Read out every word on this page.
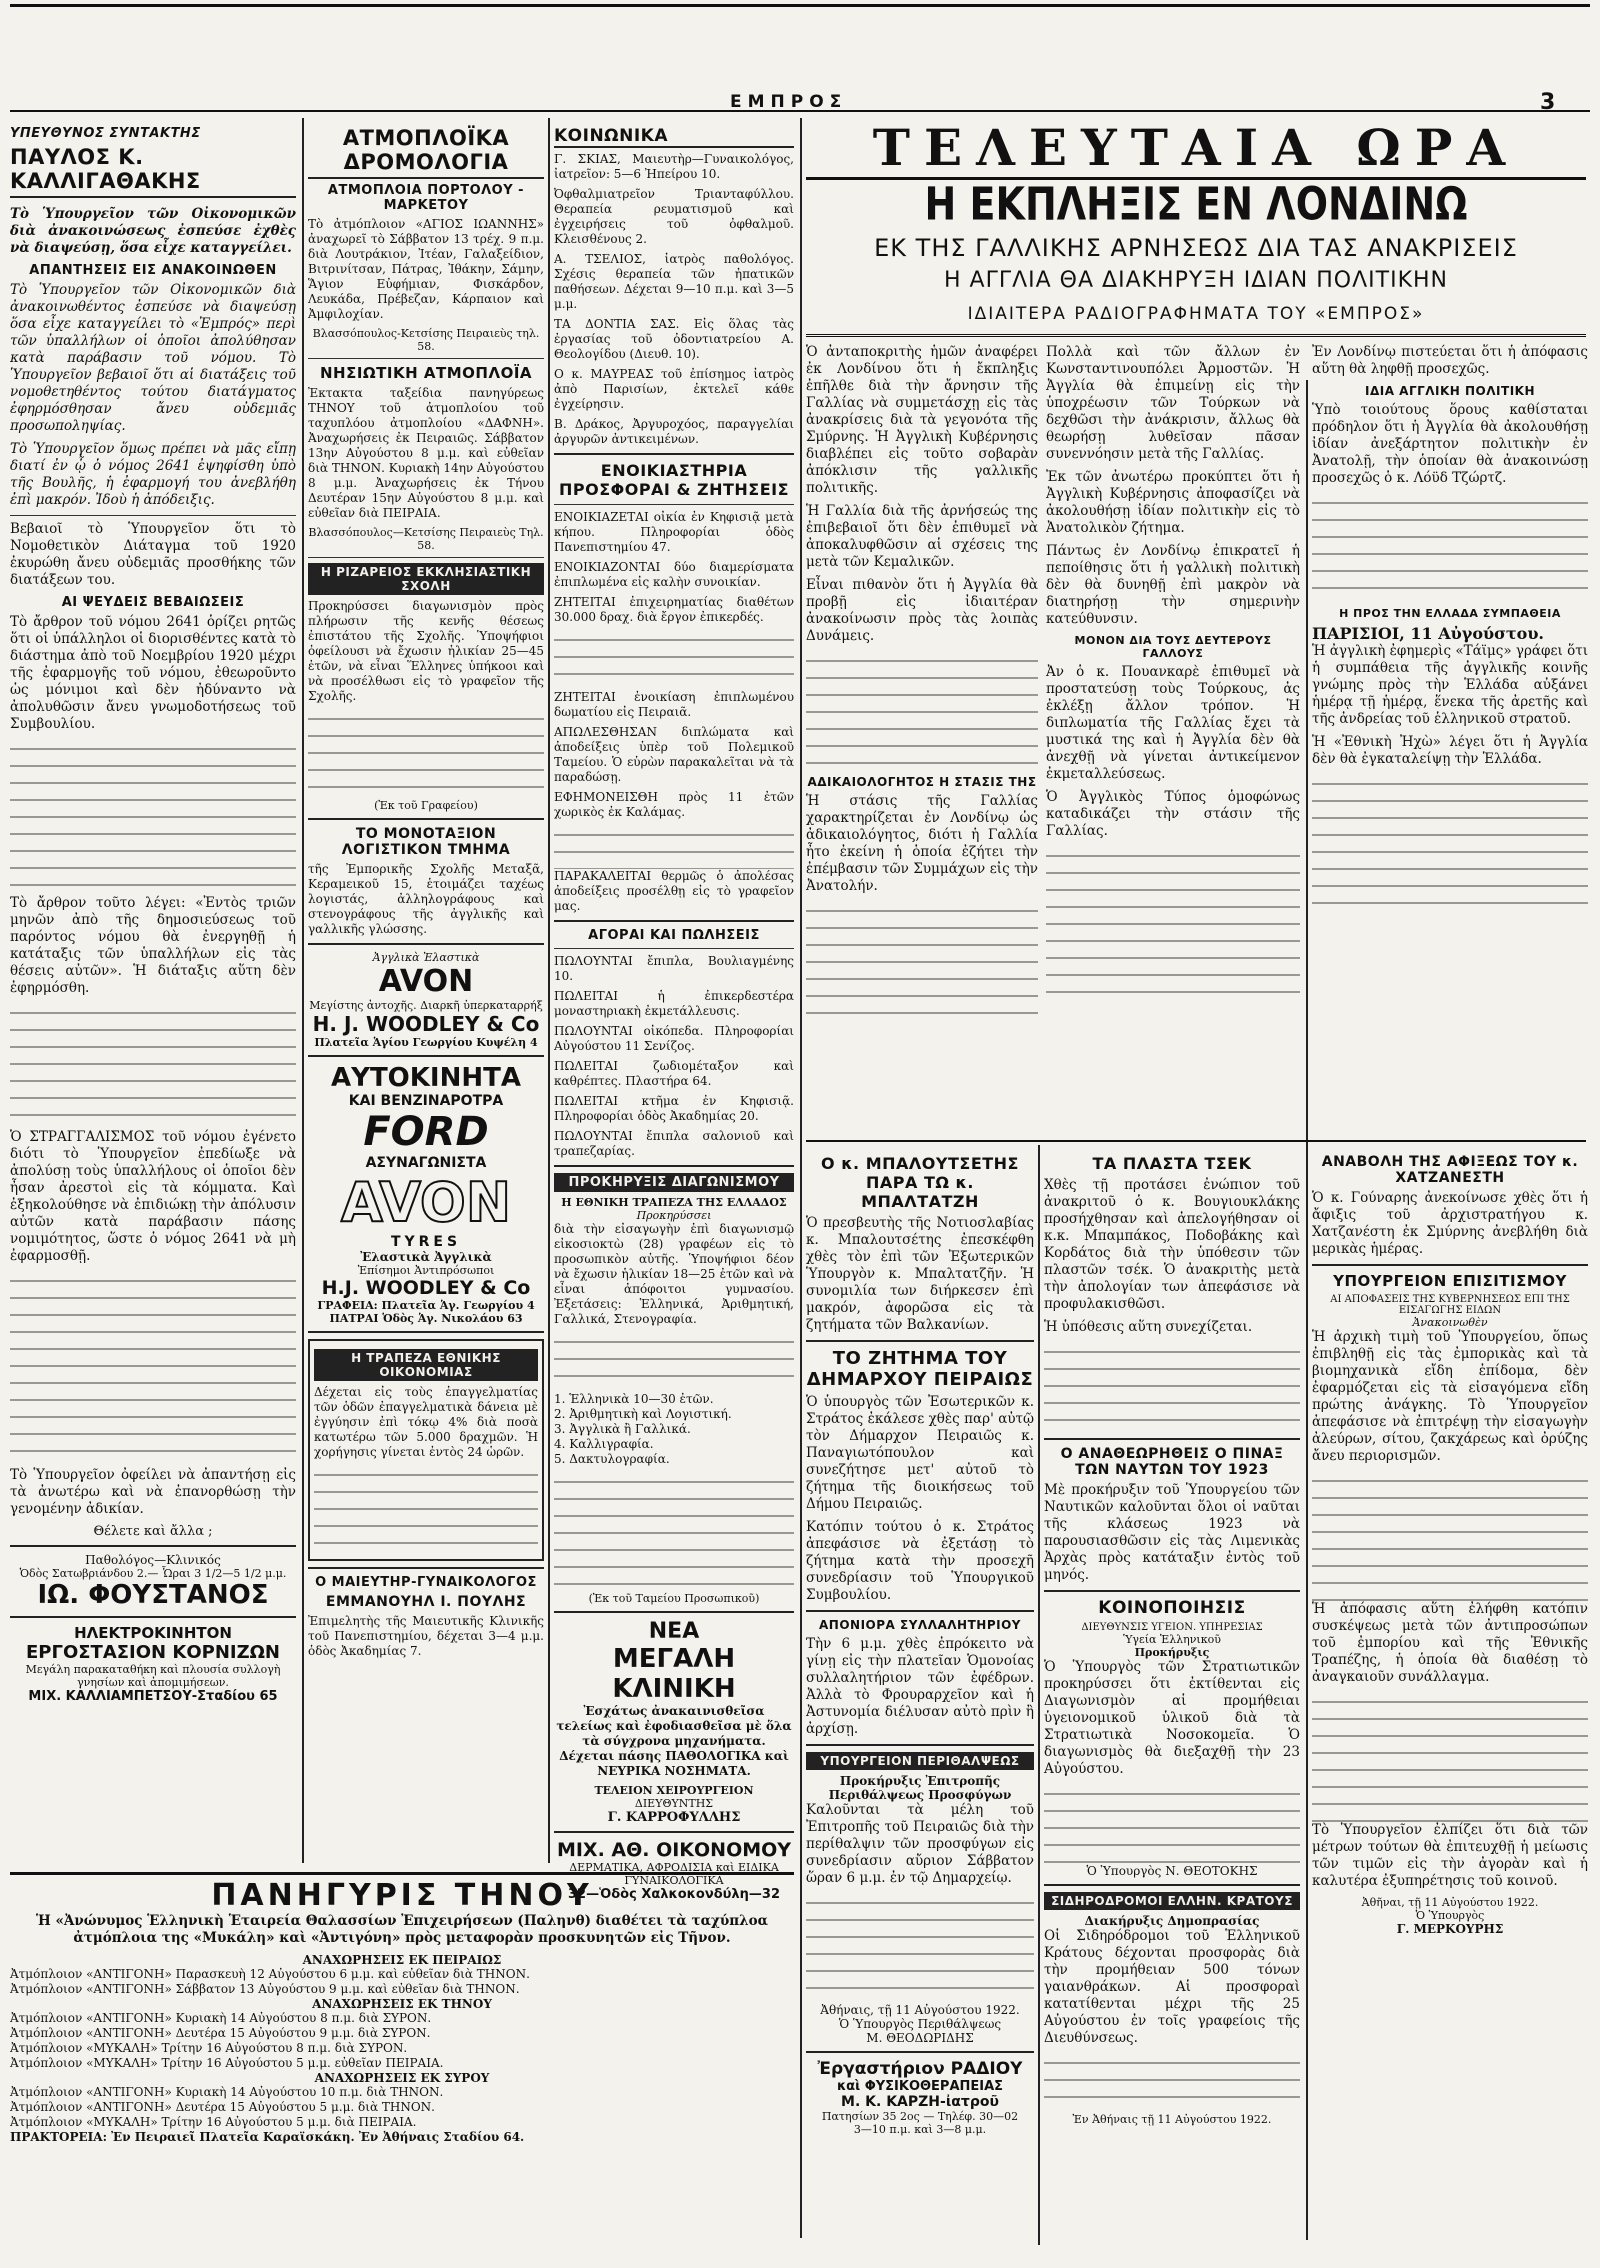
ΕΜΠΡΟΣ	3
ΥΠΕΥΘΥΝΟΣ ΣΥΝΤΑΚΤΗΣ
ΠΑΥΛΟΣ Κ. ΚΑΛΛΙΓΑΘΑΚΗΣ

Τὸ Ὑπουργεῖον τῶν Οἰκονομικῶν διὰ ἀνακοινώσεως ἐσπεύσε ἐχθὲς νὰ διαψεύσῃ, ὅσα εἶχε καταγγείλει.

ΑΠΑΝΤΗΣΕΙΣ ΕΙΣ ΑΝΑΚΟΙΝΩΘΕΝ

Τὸ Ὑπουργεῖον τῶν Οἰκονομικῶν διὰ ἀνακοινωθέντος ἐσπεύσε νὰ διαψεύσῃ ὅσα εἶχε καταγγείλει τὸ «Ἐμπρός» περὶ τῶν ὑπαλλήλων οἱ ὁποῖοι ἀπολύθησαν κατὰ παράβασιν τοῦ νόμου. Τὸ Ὑπουργεῖον βεβαιοῖ ὅτι αἱ διατάξεις τοῦ νομοθετηθέντος τούτου διατάγματος ἐφηρμόσθησαν ἄνευ οὐδεμιᾶς προσωποληψίας.

Τὸ Ὑπουργεῖον ὅμως πρέπει νὰ μᾶς εἴπῃ διατί ἐν ᾧ ὁ νόμος 2641 ἐψηφίσθη ὑπὸ τῆς Βουλῆς, ἡ ἐφαρμογή του ἀνεβλήθη ἐπὶ μακρόν. Ἰδοὺ ἡ ἀπόδειξις.

Βεβαιοῖ τὸ Ὑπουργεῖον ὅτι τὸ Νομοθετικὸν Διάταγμα τοῦ 1920 ἐκυρώθη ἄνευ οὐδεμιᾶς προσθήκης τῶν διατάξεων του.

ΑΙ ΨΕΥΔΕΙΣ ΒΕΒΑΙΩΣΕΙΣ

Τὸ ἄρθρον τοῦ νόμου 2641 ὁρίζει ρητῶς ὅτι οἱ ὑπάλληλοι οἱ διορισθέντες κατὰ τὸ διάστημα ἀπὸ τοῦ Νοεμβρίου 1920 μέχρι τῆς ἐφαρμογῆς τοῦ νόμου, ἐθεωροῦντο ὡς μόνιμοι καὶ δὲν ἠδύναντο νὰ ἀπολυθῶσιν ἄνευ γνωμοδοτήσεως τοῦ Συμβουλίου.

Τὸ ἄρθρον τοῦτο λέγει: «Ἐντὸς τριῶν μηνῶν ἀπὸ τῆς δημοσιεύσεως τοῦ παρόντος νόμου θὰ ἐνεργηθῇ ἡ κατάταξις τῶν ὑπαλλήλων εἰς τὰς θέσεις αὐτῶν». Ἡ διάταξις αὕτη δὲν ἐφηρμόσθη.

Ὁ ΣΤΡΑΓΓΑΛΙΣΜΟΣ τοῦ νόμου ἐγένετο διότι τὸ Ὑπουργεῖον ἐπεδίωξε νὰ ἀπολύσῃ τοὺς ὑπαλλήλους οἱ ὁποῖοι δὲν ἦσαν ἀρεστοὶ εἰς τὰ κόμματα. Καὶ ἐξηκολούθησε νὰ ἐπιδιώκῃ τὴν ἀπόλυσιν αὐτῶν κατὰ παράβασιν πάσης νομιμότητος, ὥστε ὁ νόμος 2641 νὰ μὴ ἐφαρμοσθῇ.

Τὸ Ὑπουργεῖον ὀφείλει νὰ ἀπαντήσῃ εἰς τὰ ἀνωτέρω καὶ νὰ ἐπανορθώσῃ τὴν γενομένην ἀδικίαν.

Θέλετε καὶ ἄλλα ;
Παθολόγος—Κλινικός
Ὁδὸς Σατωβριάνδου 2.— Ὧραι 3 1/2—5 1/2 μ.μ.
ΙΩ. ΦΟΥΣΤΑΝΟΣ
ΗΛΕΚΤΡΟΚΙΝΗΤΟΝ
ΕΡΓΟΣΤΑΣΙΟΝ ΚΟΡΝΙΖΩΝ
Μεγάλη παρακαταθήκη καὶ πλουσία συλλογὴ γνησίων καὶ ἀπομιμήσεων.
ΜΙΧ. ΚΑΛΛΙΑΜΠΕΤΣΟΥ-Σταδίου 65
ΑΤΜΟΠΛΟΪΚΑ ΔΡΟΜΟΛΟΓΙΑ
ΑΤΜΟΠΛΟΙΑ ΠΟΡΤΟΛΟΥ - ΜΑΡΚΕΤΟΥ

Τὸ ἀτμόπλοιον «ΑΓΙΟΣ ΙΩΑΝΝΗΣ» ἀναχωρεῖ τὸ Σάββατον 13 τρέχ. 9 π.μ. διὰ Λουτράκιον, Ἰτέαν, Γαλαξείδιον, Βιτρινίτσαν, Πάτρας, Ἰθάκην, Σάμην, Ἅγιον Εὐφήμιαν, Φισκάρδον, Λευκάδα, Πρέβεζαν, Κάρπαιον καὶ Ἀμφιλοχίαν.

Βλασσόπουλος-Κετσίσης Πειραιεὺς τηλ. 58.
ΝΗΣΙΩΤΙΚΗ ΑΤΜΟΠΛΟΪΑ

Ἐκτακτα ταξείδια πανηγύρεως ΤΗΝΟΥ τοῦ ἀτμοπλοίου τοῦ ταχυπλόου ἀτμοπλοίου «ΔΑΦΝΗ». Ἀναχωρήσεις ἐκ Πειραιῶς. Σάββατον 13ην Αὐγούστου 8 μ.μ. καὶ εὐθεῖαν διὰ ΤΗΝΟΝ. Κυριακὴ 14ην Αὐγούστου 8 μ.μ. Ἀναχωρήσεις ἐκ Τήνου Δευτέραν 15ην Αὐγούστου 8 μ.μ. καὶ εὐθεῖαν διὰ ΠΕΙΡΑΙΑ.

Βλασσόπουλος—Κετσίσης Πειραιεὺς Τηλ. 58.
Η ΡΙΖΑΡΕΙΟΣ ΕΚΚΛΗΣΙΑΣΤΙΚΗ ΣΧΟΛΗ

Προκηρύσσει διαγωνισμὸν πρὸς πλήρωσιν τῆς κενῆς θέσεως ἐπιστάτου τῆς Σχολῆς. Ὑποψήφιοι ὀφείλουσι νὰ ἔχωσιν ἡλικίαν 25—45 ἐτῶν, νὰ εἶναι Ἕλληνες ὑπήκοοι καὶ νὰ προσέλθωσι εἰς τὸ γραφεῖον τῆς Σχολῆς.

(Ἐκ τοῦ Γραφείου)
ΤΟ ΜΟΝΟΤΑΞΙΟΝ ΛΟΓΙΣΤΙΚΟΝ ΤΜΗΜΑ

τῆς Ἐμπορικῆς Σχολῆς Μεταξᾶ, Κεραμεικοῦ 15, ἑτοιμάζει ταχέως λογιστάς, ἀλληλογράφους καὶ στενογράφους τῆς ἀγγλικῆς καὶ γαλλικῆς γλώσσης.

Ἀγγλικὰ Ἐλαστικὰ
AVON
Μεγίστης ἀντοχῆς. Διαρκῆ ὑπερκαταρρήξ
H. J. WOODLEY & Co
Πλατεῖα Ἁγίου Γεωργίου Κυψέλη 4
ΑΥΤΟΚΙΝΗΤΑ
ΚΑΙ ΒΕΝΖΙΝΑΡΟΤΡΑ
FORD
ΑΣΥΝΑΓΩΝΙΣΤΑ
AVON
TYRES
Ἐλαστικὰ Ἀγγλικὰ
Ἐπίσημοι Ἀντιπρόσωποι
H.J. WOODLEY & Co
ΓΡΑΦΕΙΑ: Πλατεῖα Ἁγ. Γεωργίου 4
ΠΑΤΡΑΙ Ὁδὸς Ἁγ. Νικολάου 63
Η ΤΡΑΠΕΖΑ ΕΘΝΙΚΗΣ ΟΙΚΟΝΟΜΙΑΣ

Δέχεται εἰς τοὺς ἐπαγγελματίας τῶν ὁδῶν ἐπαγγελματικὰ δάνεια μὲ ἐγγύησιν ἐπὶ τόκῳ 4% διὰ ποσὰ κατωτέρω τῶν 5.000 δραχμῶν. Ἡ χορήγησις γίνεται ἐντὸς 24 ὡρῶν.

Ο ΜΑΙΕΥΤΗΡ-ΓΥΝΑΙΚΟΛΟΓΟΣ
ΕΜΜΑΝΟΥΗΛ Ι. ΠΟΥΛΗΣ

Ἐπιμελητὴς τῆς Μαιευτικῆς Κλινικῆς τοῦ Πανεπιστημίου, δέχεται 3—4 μ.μ. ὁδὸς Ἀκαδημίας 7.

ΚΟΙΝΩΝΙΚΑ

Γ. ΣΚΙΑΣ, Μαιευτὴρ—Γυναικολόγος, ἰατρεῖον: 5—6 Ἠπείρου 10.

Ὀφθαλμιατρεῖον Τριανταφύλλου. Θεραπεία ρευματισμοῦ καὶ ἐγχειρήσεις τοῦ ὀφθαλμοῦ. Κλεισθένους 2.

Α. ΤΣΕΛΙΟΣ, ἰατρὸς παθολόγος. Σχέσις θεραπεία τῶν ἠπατικῶν παθήσεων. Δέχεται 9—10 π.μ. καὶ 3—5 μ.μ.

ΤΑ ΔΟΝΤΙΑ ΣΑΣ. Εἰς ὅλας τὰς ἐργασίας τοῦ ὀδοντιατρείου Α. Θεολογίδου (Διευθ. 10).

Ο κ. ΜΑΥΡΕΑΣ τοῦ ἐπίσημος ἰατρὸς ἀπὸ Παρισίων, ἐκτελεῖ κάθε ἐγχείρησιν.

Β. Δράκος, Ἀργυροχόος, παραγγελίαι ἀργυρῶν ἀντικειμένων.

ΕΝΟΙΚΙΑΣΤΗΡΙΑ ΠΡΟΣΦΟΡΑΙ & ΖΗΤΗΣΕΙΣ

ΕΝΟΙΚΙΑΖΕΤΑΙ οἰκία ἐν Κηφισιᾷ μετὰ κήπου. Πληροφορίαι ὁδὸς Πανεπιστημίου 47.

ΕΝΟΙΚΙΑΖΟΝΤΑΙ δύο διαμερίσματα ἐπιπλωμένα εἰς καλὴν συνοικίαν.

ΖΗΤΕΙΤΑΙ ἐπιχειρηματίας διαθέτων 30.000 δραχ. διὰ ἔργον ἐπικερδές.

ΖΗΤΕΙΤΑΙ ἐνοικίαση ἐπιπλωμένου δωματίου εἰς Πειραιᾶ.

ΑΠΩΛΕΣΘΗΣΑΝ διπλώματα καὶ ἀποδείξεις ὑπὲρ τοῦ Πολεμικοῦ Ταμείου. Ὁ εὑρὼν παρακαλεῖται νὰ τὰ παραδώσῃ.

ΕΦΗΜΟΝΕΙΣΘΗ πρὸς 11 ἐτῶν χωρικὸς ἐκ Καλάμας.

ΠΑΡΑΚΑΛΕΙΤΑΙ θερμῶς ὁ ἀπολέσας ἀποδείξεις προσέλθῃ εἰς τὸ γραφεῖον μας.

ΑΓΟΡΑΙ ΚΑΙ ΠΩΛΗΣΕΙΣ

ΠΩΛΟΥΝΤΑΙ ἔπιπλα, Βουλιαγμένης 10.

ΠΩΛΕΙΤΑΙ ἡ ἐπικερδεστέρα μοναστηριακὴ ἐκμετάλλευσις.

ΠΩΛΟΥΝΤΑΙ οἰκόπεδα. Πληροφορίαι Αὐγούστου 11 Σενίζος.

ΠΩΛΕΙΤΑΙ ζωδιομέταξον καὶ καθρέπτες. Πλαστήρα 64.

ΠΩΛΕΙΤΑΙ κτῆμα ἐν Κηφισιᾷ. Πληροφορίαι ὁδὸς Ἀκαδημίας 20.

ΠΩΛΟΥΝΤΑΙ ἔπιπλα σαλονιοῦ καὶ τραπεζαρίας.

ΠΡΟΚΗΡΥΞΙΣ ΔΙΑΓΩΝΙΣΜΟΥ
Η ΕΘΝΙΚΗ ΤΡΑΠΕΖΑ ΤΗΣ ΕΛΛΑΔΟΣ
Προκηρύσσει

διὰ τὴν εἰσαγωγὴν ἐπὶ διαγωνισμῷ εἰκοσιοκτὼ (28) γραφέων εἰς τὸ προσωπικὸν αὐτῆς. Ὑποψήφιοι δέον νὰ ἔχωσιν ἡλικίαν 18—25 ἐτῶν καὶ νὰ εἶναι ἀπόφοιτοι γυμνασίου. Ἐξετάσεις: Ἑλληνικά, Ἀριθμητική, Γαλλικά, Στενογραφία.

1. Ἑλληνικὰ 10—30 ἐτῶν.

2. Ἀριθμητικὴ καὶ Λογιστική.

3. Ἀγγλικὰ ἢ Γαλλικά.

4. Καλλιγραφία.

5. Δακτυλογραφία.

(Ἐκ τοῦ Ταμείου Προσωπικοῦ)
ΝΕΑ
ΜΕΓΑΛΗ ΚΛΙΝΙΚΗ

Ἐσχάτως ἀνακαινισθεῖσα τελείως καὶ ἐφοδιασθεῖσα μὲ ὅλα τὰ σύγχρονα μηχανήματα. Δέχεται πάσης ΠΑΘΟΛΟΓΙΚΑ καὶ ΝΕΥΡΙΚΑ ΝΟΣΗΜΑΤΑ.

ΤΕΛΕΙΟΝ ΧΕΙΡΟΥΡΓΕΙΟΝ
ΔΙΕΥΘΥΝΤΗΣ
Γ. ΚΑΡΡΟΦΥΛΛΗΣ
ΜΙΧ. ΑΘ. ΟΙΚΟΝΟΜΟΥ
ΔΕΡΜΑΤΙΚΑ, ΑΦΡΟΔΙΣΙΑ καὶ ΕΙΔΙΚΑ ΓΥΝΑΙΚΟΛΟΓΙΚΑ
32—Ὁδὸς Χαλκοκονδύλη—32
ΤΕΛΕΥΤΑΙΑ ΩΡΑ
Η ΕΚΠΛΗΞΙΣ ΕΝ ΛΟΝΔΙΝΩ
ΕΚ ΤΗΣ ΓΑΛΛΙΚΗΣ ΑΡΝΗΣΕΩΣ ΔΙΑ ΤΑΣ ΑΝΑΚΡΙΣΕΙΣ
Η ΑΓΓΛΙΑ ΘΑ ΔΙΑΚΗΡΥΞΗ ΙΔΙΑΝ ΠΟΛΙΤΙΚΗΝ
ΙΔΙΑΙΤΕΡΑ ΡΑΔΙΟΓΡΑΦΗΜΑΤΑ ΤΟΥ «ΕΜΠΡΟΣ»

Ὁ ἀνταποκριτὴς ἡμῶν ἀναφέρει ἐκ Λονδίνου ὅτι ἡ ἔκπληξις ἐπῆλθε διὰ τὴν ἄρνησιν τῆς Γαλλίας νὰ συμμετάσχῃ εἰς τὰς ἀνακρίσεις διὰ τὰ γεγονότα τῆς Σμύρνης. Ἡ Ἀγγλικὴ Κυβέρνησις διαβλέπει εἰς τοῦτο σοβαρὰν ἀπόκλισιν τῆς γαλλικῆς πολιτικῆς.

Ἡ Γαλλία διὰ τῆς ἀρνήσεώς της ἐπιβεβαιοῖ ὅτι δὲν ἐπιθυμεῖ νὰ ἀποκαλυφθῶσιν αἱ σχέσεις της μετὰ τῶν Κεμαλικῶν.

Εἶναι πιθανὸν ὅτι ἡ Ἀγγλία θὰ προβῇ εἰς ἰδιαιτέραν ἀνακοίνωσιν πρὸς τὰς λοιπὰς Δυνάμεις.

ΑΔΙΚΑΙΟΛΟΓΗΤΟΣ Η ΣΤΑΣΙΣ ΤΗΣ

Ἡ στάσις τῆς Γαλλίας χαρακτηρίζεται ἐν Λονδίνῳ ὡς ἀδικαιολόγητος, διότι ἡ Γαλλία ἦτο ἐκείνη ἡ ὁποία ἐζήτει τὴν ἐπέμβασιν τῶν Συμμάχων εἰς τὴν Ἀνατολήν.

Πολλὰ καὶ τῶν ἄλλων ἐν Κωνσταντινουπόλει Ἀρμοστῶν. Ἡ Ἀγγλία θὰ ἐπιμείνῃ εἰς τὴν ὑποχρέωσιν τῶν Τούρκων νὰ δεχθῶσι τὴν ἀνάκρισιν, ἄλλως θὰ θεωρήσῃ λυθεῖσαν πᾶσαν συνεννόησιν μετὰ τῆς Γαλλίας.

Ἐκ τῶν ἀνωτέρω προκύπτει ὅτι ἡ Ἀγγλικὴ Κυβέρνησις ἀποφασίζει νὰ ἀκολουθήσῃ ἰδίαν πολιτικὴν εἰς τὸ Ἀνατολικὸν ζήτημα.

Πάντως ἐν Λονδίνῳ ἐπικρατεῖ ἡ πεποίθησις ὅτι ἡ γαλλικὴ πολιτικὴ δὲν θὰ δυνηθῇ ἐπὶ μακρὸν νὰ διατηρήσῃ τὴν σημερινὴν κατεύθυνσιν.

ΜΟΝΟΝ ΔΙΑ ΤΟΥΣ ΔΕΥΤΕΡΟΥΣ ΓΑΛΛΟΥΣ

Ἀν ὁ κ. Πουανκαρὲ ἐπιθυμεῖ νὰ προστατεύσῃ τοὺς Τούρκους, ἀς ἐκλέξῃ ἄλλον τρόπον. Ἡ διπλωματία τῆς Γαλλίας ἔχει τὰ μυστικά της καὶ ἡ Ἀγγλία δὲν θὰ ἀνεχθῇ νὰ γίνεται ἀντικείμενον ἐκμεταλλεύσεως.

Ὁ Ἀγγλικὸς Τύπος ὁμοφώνως καταδικάζει τὴν στάσιν τῆς Γαλλίας.

Ἐν Λονδίνῳ πιστεύεται ὅτι ἡ ἀπόφασις αὕτη θὰ ληφθῇ προσεχῶς.

ΙΔΙΑ ΑΓΓΛΙΚΗ ΠΟΛΙΤΙΚΗ

Ὑπὸ τοιούτους ὅρους καθίσταται πρόδηλον ὅτι ἡ Ἀγγλία θὰ ἀκολουθήσῃ ἰδίαν ἀνεξάρτητον πολιτικὴν ἐν Ἀνατολῇ, τὴν ὁποίαν θὰ ἀνακοινώσῃ προσεχῶς ὁ κ. Λόϋδ Τζώρτζ.

Η ΠΡΟΣ ΤΗΝ ΕΛΛΑΔΑ ΣΥΜΠΑΘΕΙΑ
ΠΑΡΙΣΙΟΙ, 11 Αὐγούστου.

Ἡ ἀγγλικὴ ἐφημερὶς «Τάϊμς» γράφει ὅτι ἡ συμπάθεια τῆς ἀγγλικῆς κοινῆς γνώμης πρὸς τὴν Ἑλλάδα αὐξάνει ἡμέρᾳ τῇ ἡμέρᾳ, ἕνεκα τῆς ἀρετῆς καὶ τῆς ἀνδρείας τοῦ ἑλληνικοῦ στρατοῦ.

Ἡ «Ἐθνικὴ Ἠχὼ» λέγει ὅτι ἡ Ἀγγλία δὲν θὰ ἐγκαταλείψῃ τὴν Ἑλλάδα.

Ο κ. ΜΠΑΛΟΥΤΣΕΤΗΣ ΠΑΡΑ ΤΩ κ. ΜΠΑΛΤΑΤΖΗ

Ὁ πρεσβευτὴς τῆς Νοτιοσλαβίας κ. Μπαλουτσέτης ἐπεσκέφθη χθὲς τὸν ἐπὶ τῶν Ἐξωτερικῶν Ὑπουργὸν κ. Μπαλτατζῆν. Ἡ συνομιλία των διήρκεσεν ἐπὶ μακρόν, ἀφορῶσα εἰς τὰ ζητήματα τῶν Βαλκανίων.

ΤΟ ΖΗΤΗΜΑ ΤΟΥ ΔΗΜΑΡΧΟΥ ΠΕΙΡΑΙΩΣ

Ὁ ὑπουργὸς τῶν Ἐσωτερικῶν κ. Στράτος ἐκάλεσε χθὲς παρ' αὐτῷ τὸν Δήμαρχον Πειραιῶς κ. Παναγιωτόπουλον καὶ συνεζήτησε μετ' αὐτοῦ τὸ ζήτημα τῆς διοικήσεως τοῦ Δήμου Πειραιῶς.

Κατόπιν τούτου ὁ κ. Στράτος ἀπεφάσισε νὰ ἐξετάσῃ τὸ ζήτημα κατὰ τὴν προσεχῆ συνεδρίασιν τοῦ Ὑπουργικοῦ Συμβουλίου.

ΑΠΟΝΙΟΡΑ ΣΥΛΛΑΛΗΤΗΡΙΟΥ

Τὴν 6 μ.μ. χθὲς ἐπρόκειτο νὰ γίνῃ εἰς τὴν πλατεῖαν Ὁμονοίας συλλαλητήριον τῶν ἐφέδρων. Ἀλλὰ τὸ Φρουραρχεῖον καὶ ἡ Ἀστυνομία διέλυσαν αὐτὸ πρὶν ἢ ἀρχίσῃ.

ΥΠΟΥΡΓΕΙΟΝ ΠΕΡΙΘΑΛΨΕΩΣ
Προκήρυξις Ἐπιτροπῆς Περιθάλψεως Προσφύγων

Καλοῦνται τὰ μέλη τοῦ Ἐπιτροπῆς τοῦ Πειραιῶς διὰ τὴν περίθαλψιν τῶν προσφύγων εἰς συνεδρίασιν αὔριον Σάββατον ὥραν 6 μ.μ. ἐν τῷ Δημαρχείῳ.

Ἀθήναις, τῇ 11 Αὐγούστου 1922.
Ὁ Ὑπουργὸς Περιθάλψεως
Μ. ΘΕΟΔΩΡΙΔΗΣ
Ἐργαστήριον ΡΑΔΙΟΥ
καὶ ΦΥΣΙΚΟΘΕΡΑΠΕΙΑΣ
Μ. Κ. ΚΑΡΖΗ-ἰατροῦ
Πατησίων 35 2ος — Τηλέφ. 30—02
3—10 π.μ. καὶ 3—8 μ.μ.
ΤΑ ΠΛΑΣΤΑ ΤΣΕΚ

Χθὲς τῇ προτάσει ἐνώπιον τοῦ ἀνακριτοῦ ὁ κ. Βουγιουκλάκης προσήχθησαν καὶ ἀπελογήθησαν οἱ κ.κ. Μπαμπάκος, Ποδοβάκης καὶ Κορδάτος διὰ τὴν ὑπόθεσιν τῶν πλαστῶν τσέκ. Ὁ ἀνακριτὴς μετὰ τὴν ἀπολογίαν των ἀπεφάσισε νὰ προφυλακισθῶσι.

Ἡ ὑπόθεσις αὕτη συνεχίζεται.

Ο ΑΝΑΘΕΩΡΗΘΕΙΣ Ο ΠΙΝΑΞ ΤΩΝ ΝΑΥΤΩΝ ΤΟΥ 1923

Μὲ προκήρυξιν τοῦ Ὑπουργείου τῶν Ναυτικῶν καλοῦνται ὅλοι οἱ ναῦται τῆς κλάσεως 1923 νὰ παρουσιασθῶσιν εἰς τὰς Λιμενικὰς Ἀρχὰς πρὸς κατάταξιν ἐντὸς τοῦ μηνός.

ΚΟΙΝΟΠΟΙΗΣΙΣ
ΔΙΕΥΘΥΝΣΙΣ ΥΓΕΙΟΝ. ΥΠΗΡΕΣΙΑΣ
Ὑγεία Ἑλληνικοῦ
Προκήρυξις

Ὁ Ὑπουργὸς τῶν Στρατιωτικῶν προκηρύσσει ὅτι ἐκτίθενται εἰς Διαγωνισμὸν αἱ προμήθειαι ὑγειονομικοῦ ὑλικοῦ διὰ τὰ Στρατιωτικὰ Νοσοκομεῖα. Ὁ διαγωνισμὸς θὰ διεξαχθῇ τὴν 23 Αὐγούστου.

Ὁ Ὑπουργὸς Ν. ΘΕΟΤΟΚΗΣ
ΣΙΔΗΡΟΔΡΟΜΟΙ ΕΛΛΗΝ. ΚΡΑΤΟΥΣ
Διακήρυξις Δημοπρασίας

Οἱ Σιδηρόδρομοι τοῦ Ἑλληνικοῦ Κράτους δέχονται προσφορὰς διὰ τὴν προμήθειαν 500 τόνων γαιανθράκων. Αἱ προσφοραὶ κατατίθενται μέχρι τῆς 25 Αὐγούστου ἐν τοῖς γραφείοις τῆς Διευθύνσεως.

Ἐν Ἀθήναις τῇ 11 Αὐγούστου 1922.
ΑΝΑΒΟΛΗ ΤΗΣ ΑΦΙΞΕΩΣ ΤΟΥ κ. ΧΑΤΖΑΝΕΣΤΗ

Ὁ κ. Γούναρης ἀνεκοίνωσε χθὲς ὅτι ἡ ἄφιξις τοῦ ἀρχιστρατήγου κ. Χατζανέστη ἐκ Σμύρνης ἀνεβλήθη διὰ μερικὰς ἡμέρας.

ΥΠΟΥΡΓΕΙΟΝ ΕΠΙΣΙΤΙΣΜΟΥ
ΑΙ ΑΠΟΦΑΣΕΙΣ ΤΗΣ ΚΥΒΕΡΝΗΣΕΩΣ ΕΠΙ ΤΗΣ ΕΙΣΑΓΩΓΗΣ ΕΙΔΩΝ
Ἀνακοινωθὲν

Ἡ ἀρχικὴ τιμὴ τοῦ Ὑπουργείου, ὅπως ἐπιβληθῇ εἰς τὰς ἐμπορικὰς καὶ τὰ βιομηχανικὰ εἴδη ἐπίδομα, δὲν ἐφαρμόζεται εἰς τὰ εἰσαγόμενα εἴδη πρώτης ἀνάγκης. Τὸ Ὑπουργεῖον ἀπεφάσισε νὰ ἐπιτρέψῃ τὴν εἰσαγωγὴν ἀλεύρων, σίτου, ζακχάρεως καὶ ὀρύζης ἄνευ περιορισμῶν.

Ἡ ἀπόφασις αὕτη ἐλήφθη κατόπιν συσκέψεως μετὰ τῶν ἀντιπροσώπων τοῦ ἐμπορίου καὶ τῆς Ἐθνικῆς Τραπέζης, ἡ ὁποία θὰ διαθέσῃ τὸ ἀναγκαιοῦν συνάλλαγμα.

Τὸ Ὑπουργεῖον ἐλπίζει ὅτι διὰ τῶν μέτρων τούτων θὰ ἐπιτευχθῇ ἡ μείωσις τῶν τιμῶν εἰς τὴν ἀγορὰν καὶ ἡ καλυτέρα ἐξυπηρέτησις τοῦ κοινοῦ.

Ἀθῆναι, τῇ 11 Αὐγούστου 1922.
Ὁ Ὑπουργὸς
Γ. ΜΕΡΚΟΥΡΗΣ
ΠΑΝΗΓΥΡΙΣ ΤΗΝΟΥ

Ἡ «Ἀνώνυμος Ἑλληνικὴ Ἑταιρεία Θαλασσίων Ἐπιχειρήσεων (Παληνθ) διαθέτει τὰ ταχύπλοα ἀτμόπλοια της «Μυκάλη» καὶ «Ἀντιγόνη» πρὸς μεταφορὰν προσκυνητῶν εἰς Τῆνον.

ΑΝΑΧΩΡΗΣΕΙΣ ΕΚ ΠΕΙΡΑΙΩΣ

Ἀτμόπλοιον «ΑΝΤΙΓΟΝΗ» Παρασκευὴ 12 Αὐγούστου 6 μ.μ. καὶ εὐθεῖαν διὰ ΤΗΝΟΝ.

Ἀτμόπλοιον «ΑΝΤΙΓΟΝΗ» Σάββατον 13 Αὐγούστου 9 μ.μ. καὶ εὐθεῖαν διὰ ΤΗΝΟΝ.

ΑΝΑΧΩΡΗΣΕΙΣ ΕΚ ΤΗΝΟΥ

Ἀτμόπλοιον «ΑΝΤΙΓΟΝΗ» Κυριακὴ 14 Αὐγούστου 8 π.μ. διὰ ΣΥΡΟΝ.

Ἀτμόπλοιον «ΑΝΤΙΓΟΝΗ» Δευτέρα 15 Αὐγούστου 9 μ.μ. διὰ ΣΥΡΟΝ.

Ἀτμόπλοιον «ΜΥΚΑΛΗ» Τρίτην 16 Αὐγούστου 8 π.μ. διὰ ΣΥΡΟΝ.

Ἀτμόπλοιον «ΜΥΚΑΛΗ» Τρίτην 16 Αὐγούστου 5 μ.μ. εὐθεῖαν ΠΕΙΡΑΙΑ.

ΑΝΑΧΩΡΗΣΕΙΣ ΕΚ ΣΥΡΟΥ

Ἀτμόπλοιον «ΑΝΤΙΓΟΝΗ» Κυριακὴ 14 Αὐγούστου 10 π.μ. διὰ ΤΗΝΟΝ.

Ἀτμόπλοιον «ΑΝΤΙΓΟΝΗ» Δευτέρα 15 Αὐγούστου 5 μ.μ. διὰ ΤΗΝΟΝ.

Ἀτμόπλοιον «ΜΥΚΑΛΗ» Τρίτην 16 Αὐγούστου 5 μ.μ. διὰ ΠΕΙΡΑΙΑ.

ΠΡΑΚΤΟΡΕΙΑ: Ἐν Πειραιεῖ Πλατεῖα Καραϊσκάκη. Ἐν Ἀθήναις Σταδίου 64.
